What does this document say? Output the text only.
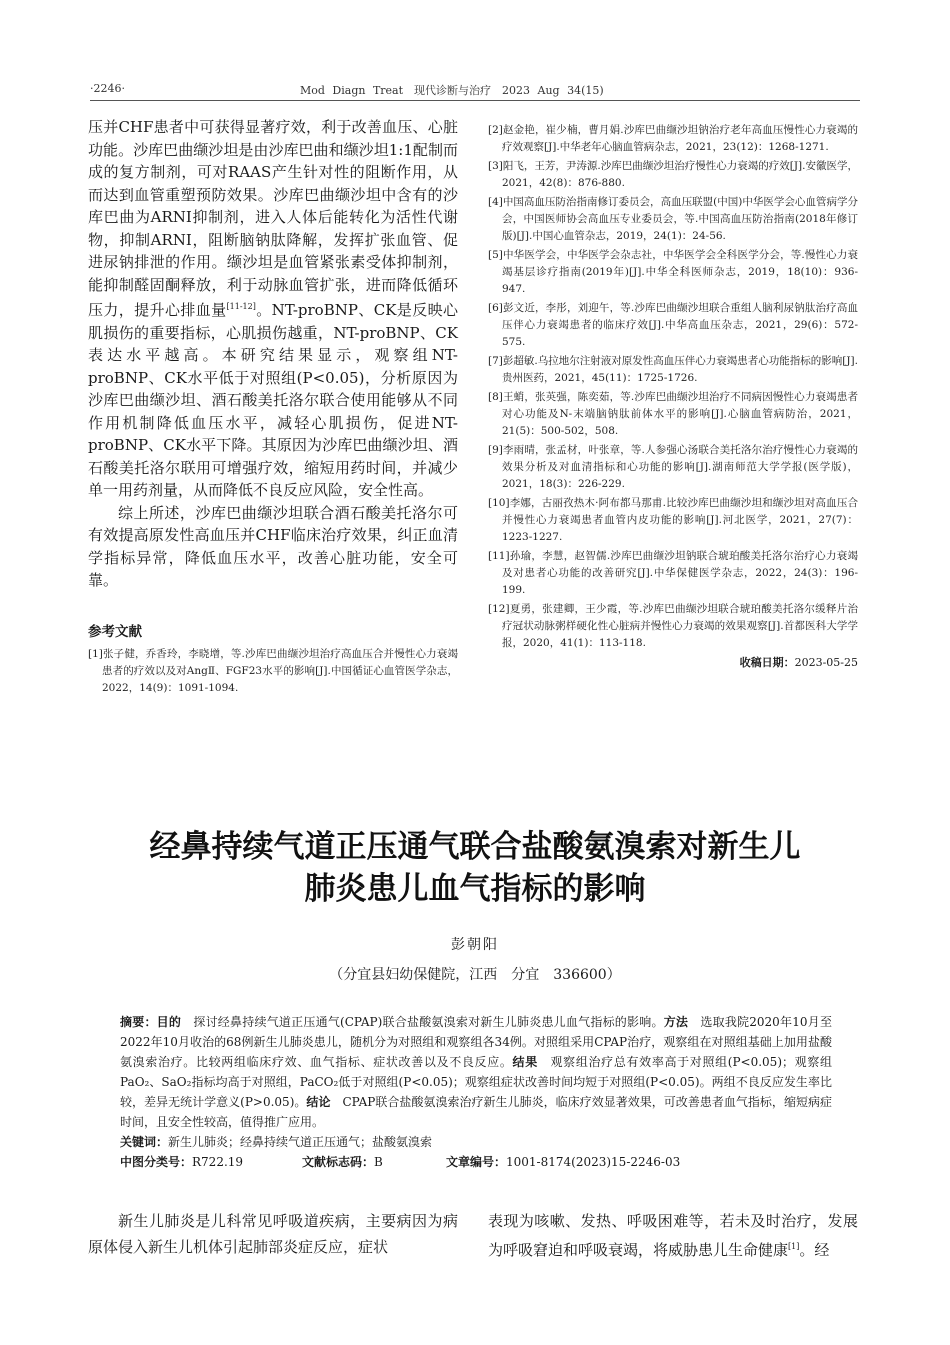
·2246·	Mod Diagn Treat　现代诊断与治疗　2023 Aug 34(15)

压并CHF患者中可获得显著疗效，利于改善血压、心脏功能。沙库巴曲缬沙坦是由沙库巴曲和缬沙坦1:1配制而成的复方制剂，可对RAAS产生针对性的阻断作用，从而达到血管重塑预防效果。沙库巴曲缬沙坦中含有的沙库巴曲为ARNI抑制剂，进入人体后能转化为活性代谢物，抑制ARNI，阻断脑钠肽降解，发挥扩张血管、促进尿钠排泄的作用。缬沙坦是血管紧张素受体抑制剂，能抑制醛固酮释放，利于动脉血管扩张，进而降低循环压力，提升心排血量[11-12]。NT-proBNP、CK是反映心肌损伤的重要指标，心肌损伤越重，NT-proBNP、CK表达水平越高。本研究结果显示，观察组NT-proBNP、CK水平低于对照组(P<0.05)，分析原因为沙库巴曲缬沙坦、酒石酸美托洛尔联合使用能够从不同作用机制降低血压水平，减轻心肌损伤，促进NT-proBNP、CK水平下降。其原因为沙库巴曲缬沙坦、酒石酸美托洛尔联用可增强疗效，缩短用药时间，并减少单一用药剂量，从而降低不良反应风险，安全性高。

综上所述，沙库巴曲缬沙坦联合酒石酸美托洛尔可有效提高原发性高血压并CHF临床治疗效果，纠正血清学指标异常，降低血压水平，改善心脏功能，安全可靠。

参考文献
[1]张子健，乔香玲，李晓增，等.沙库巴曲缬沙坦治疗高血压合并慢性心力衰竭患者的疗效以及对AngⅡ、FGF23水平的影响[J].中国循证心血管医学杂志，2022，14(9)：1091-1094.
[2]赵金艳，崔少楠，曹月娟.沙库巴曲缬沙坦钠治疗老年高血压慢性心力衰竭的疗效观察[J].中华老年心脑血管病杂志，2021，23(12)：1268-1271.
[3]阳飞，王芳，尹涛源.沙库巴曲缬沙坦治疗慢性心力衰竭的疗效[J].安徽医学，2021，42(8)：876-880.
[4]中国高血压防治指南修订委员会，高血压联盟(中国)中华医学会心血管病学分会，中国医师协会高血压专业委员会，等.中国高血压防治指南(2018年修订版)[J].中国心血管杂志，2019，24(1)：24-56.
[5]中华医学会，中华医学会杂志社，中华医学会全科医学分会，等.慢性心力衰竭基层诊疗指南(2019年)[J].中华全科医师杂志，2019，18(10)：936-947.
[6]彭文近，李彤，刘迎午，等.沙库巴曲缬沙坦联合重组人脑利尿钠肽治疗高血压伴心力衰竭患者的临床疗效[J].中华高血压杂志，2021，29(6)：572-575.
[7]彭超敏.乌拉地尔注射液对原发性高血压伴心力衰竭患者心功能指标的影响[J].贵州医药，2021，45(11)：1725-1726.
[8]王蛸，张英强，陈奕茹，等.沙库巴曲缬沙坦治疗不同病因慢性心力衰竭患者对心功能及N-末端脑钠肽前体水平的影响[J].心脑血管病防治，2021，21(5)：500-502，508.
[9]李雨晴，张孟材，叶张章，等.人参强心汤联合美托洛尔治疗慢性心力衰竭的效果分析及对血清指标和心功能的影响[J].湖南师范大学学报(医学版)，2021，18(3)：226-229.
[10]李娜，古丽孜热木·阿布都马那甫.比较沙库巴曲缬沙坦和缬沙坦对高血压合并慢性心力衰竭患者血管内皮功能的影响[J].河北医学，2021，27(7)：1223-1227.
[11]孙瑜，李慧，赵智儒.沙库巴曲缬沙坦钠联合琥珀酸美托洛尔治疗心力衰竭及对患者心功能的改善研究[J].中华保健医学杂志，2022，24(3)：196-199.
[12]夏勇，张建卿，王少霞，等.沙库巴曲缬沙坦联合琥珀酸美托洛尔缓释片治疗冠状动脉粥样硬化性心脏病并慢性心力衰竭的效果观察[J].首都医科大学学报，2020，41(1)：113-118.
收稿日期：2023-05-25
经鼻持续气道正压通气联合盐酸氨溴索对新生儿
肺炎患儿血气指标的影响
彭朝阳
（分宜县妇幼保健院，江西　分宜　336600）

摘要：目的　探讨经鼻持续气道正压通气(CPAP)联合盐酸氨溴索对新生儿肺炎患儿血气指标的影响。方法　选取我院2020年10月至2022年10月收治的68例新生儿肺炎患儿，随机分为对照组和观察组各34例。对照组采用CPAP治疗，观察组在对照组基础上加用盐酸氨溴索治疗。比较两组临床疗效、血气指标、症状改善以及不良反应。结果　观察组治疗总有效率高于对照组(P<0.05)；观察组PaO₂、SaO₂指标均高于对照组，PaCO₂低于对照组(P<0.05)；观察组症状改善时间均短于对照组(P<0.05)。两组不良反应发生率比较，差异无统计学意义(P>0.05)。结论　CPAP联合盐酸氨溴索治疗新生儿肺炎，临床疗效显著效果，可改善患者血气指标，缩短病症时间，且安全性较高，值得推广应用。

关键词：新生儿肺炎；经鼻持续气道正压通气；盐酸氨溴索

中图分类号：R722.19	文献标志码：B	文章编号：1001-8174(2023)15-2246-03

新生儿肺炎是儿科常见呼吸道疾病，主要病因为病原体侵入新生儿机体引起肺部炎症反应，症状

表现为咳嗽、发热、呼吸困难等，若未及时治疗，发展为呼吸窘迫和呼吸衰竭，将威胁患儿生命健康[1]。经
